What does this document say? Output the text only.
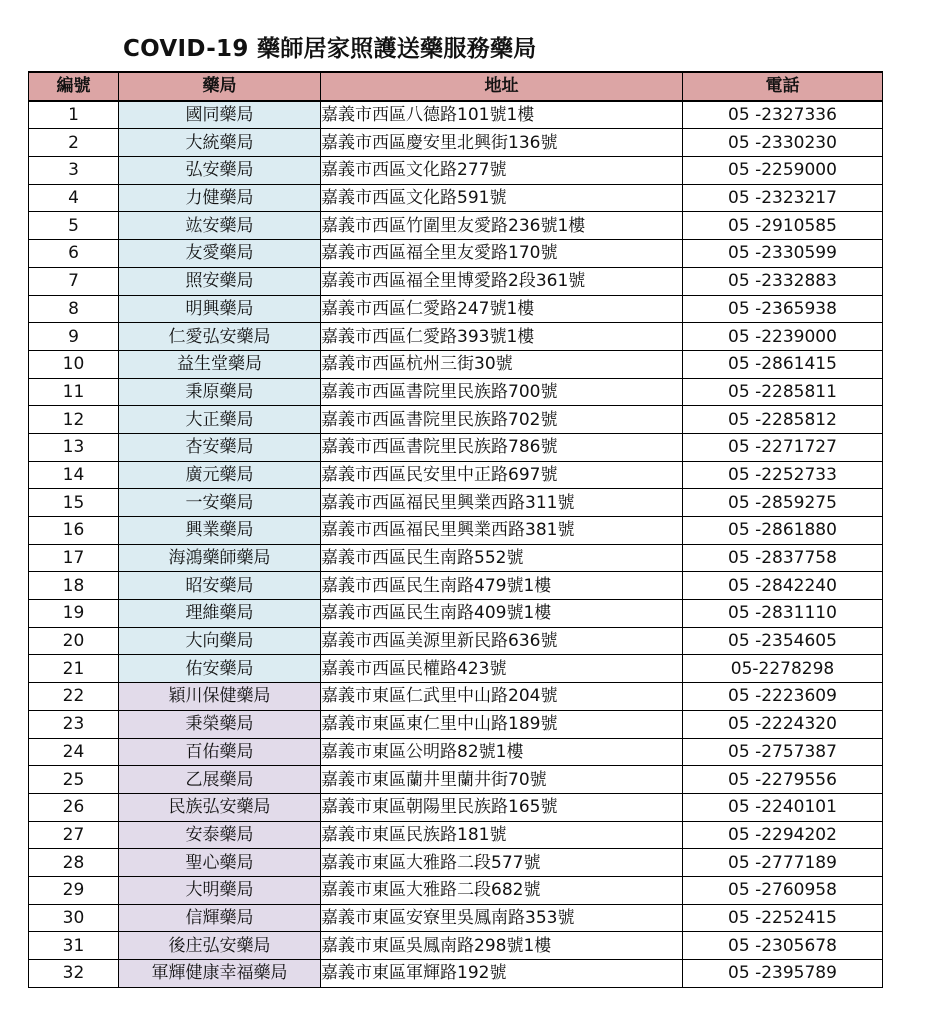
COVID-19 藥師居家照護送藥服務藥局
編號	藥局	地址	電話
1	國同藥局	嘉義市西區八德路101號1樓	05 -2327336
2	大統藥局	嘉義市西區慶安里北興街136號	05 -2330230
3	弘安藥局	嘉義市西區文化路277號	05 -2259000
4	力健藥局	嘉義市西區文化路591號	05 -2323217
5	竑安藥局	嘉義市西區竹圍里友愛路236號1樓	05 -2910585
6	友愛藥局	嘉義市西區福全里友愛路170號	05 -2330599
7	照安藥局	嘉義市西區福全里博愛路2段361號	05 -2332883
8	明興藥局	嘉義市西區仁愛路247號1樓	05 -2365938
9	仁愛弘安藥局	嘉義市西區仁愛路393號1樓	05 -2239000
10	益生堂藥局	嘉義市西區杭州三街30號	05 -2861415
11	秉原藥局	嘉義市西區書院里民族路700號	05 -2285811
12	大正藥局	嘉義市西區書院里民族路702號	05 -2285812
13	杏安藥局	嘉義市西區書院里民族路786號	05 -2271727
14	廣元藥局	嘉義市西區民安里中正路697號	05 -2252733
15	一安藥局	嘉義市西區福民里興業西路311號	05 -2859275
16	興業藥局	嘉義市西區福民里興業西路381號	05 -2861880
17	海鴻藥師藥局	嘉義市西區民生南路552號	05 -2837758
18	昭安藥局	嘉義市西區民生南路479號1樓	05 -2842240
19	理維藥局	嘉義市西區民生南路409號1樓	05 -2831110
20	大向藥局	嘉義市西區美源里新民路636號	05 -2354605
21	佑安藥局	嘉義市西區民權路423號	05-2278298
22	穎川保健藥局	嘉義市東區仁武里中山路204號	05 -2223609
23	秉榮藥局	嘉義市東區東仁里中山路189號	05 -2224320
24	百佑藥局	嘉義市東區公明路82號1樓	05 -2757387
25	乙展藥局	嘉義市東區蘭井里蘭井街70號	05 -2279556
26	民族弘安藥局	嘉義市東區朝陽里民族路165號	05 -2240101
27	安泰藥局	嘉義市東區民族路181號	05 -2294202
28	聖心藥局	嘉義市東區大雅路二段577號	05 -2777189
29	大明藥局	嘉義市東區大雅路二段682號	05 -2760958
30	信輝藥局	嘉義市東區安寮里吳鳳南路353號	05 -2252415
31	後庄弘安藥局	嘉義市東區吳鳳南路298號1樓	05 -2305678
32	軍輝健康幸福藥局	嘉義市東區軍輝路192號	05 -2395789
